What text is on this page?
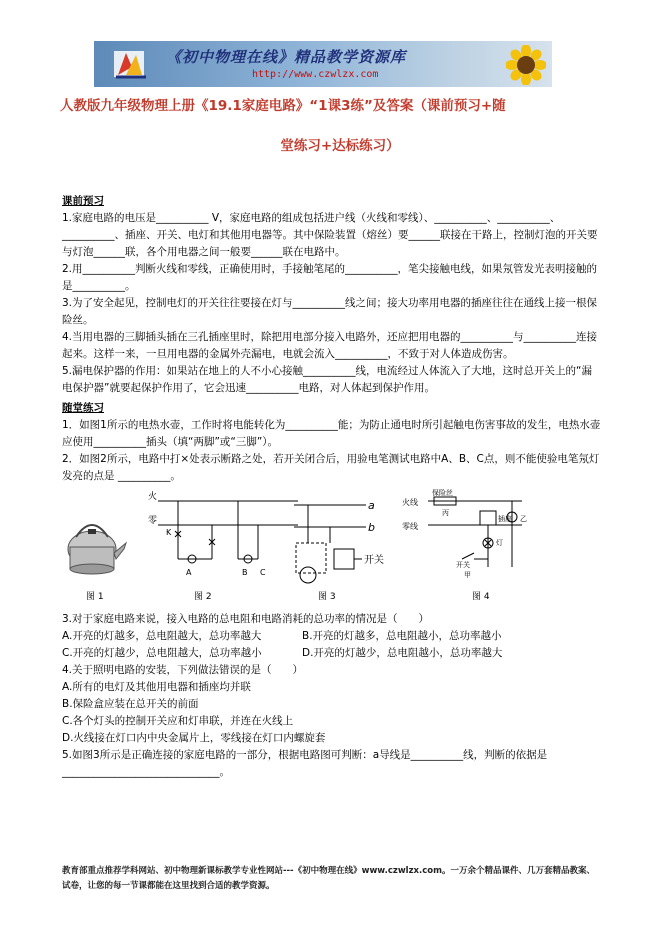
《初中物理在线》精品教学资源库
http://www.czwlzx.com
人教版九年级物理上册《19.1家庭电路》“1课3练”及答案（课前预习+随
堂练习+达标练习）

课前预习

1.家庭电路的电压是__________ V，家庭电路的组成包括进户线（火线和零线）、__________、__________、__________、插座、开关、电灯和其他用电器等。其中保险装置（熔丝）要______联接在干路上，控制灯泡的开关要与灯泡______联，各个用电器之间一般要______联在电路中。

2.用__________判断火线和零线，正确使用时，手接触笔尾的__________，笔尖接触电线，如果氖管发光表明接触的是__________。

3.为了安全起见，控制电灯的开关往往要接在灯与__________线之间；接大功率用电器的插座往往在通线上接一根保险丝。

4.当用电器的三脚插头插在三孔插座里时，除把用电部分接入电路外，还应把用电器的__________与__________连接起来。这样一来，一旦用电器的金属外壳漏电，电就会流入__________，不致于对人体造成伤害。

5.漏电保护器的作用：如果站在地上的人不小心接触__________线，电流经过人体流入了大地，这时总开关上的“漏电保护器”就要起保护作用了，它会迅速__________电路，对人体起到保护作用。

随堂练习

1．如图1所示的电热水壶，工作时将电能转化为__________能；为防止通电时所引起触电伤害事故的发生，电热水壶应使用__________插头（填“两脚”或“三脚”）。

2．如图2所示，电路中打×处表示断路之处，若开关闭合后，用验电笔测试电路中A、B、C点，则不能使验电笔氖灯发亮的点是 __________。

火
零
K
A	B C
a
b
开关
火线
零线
保险丝
丙
插座 乙
开关
灯
甲
图 1	图 2	图 3	图 4

3.对于家庭电路来说，接入电路的总电阻和电路消耗的总功率的情况是（　　）

A.开亮的灯越多，总电阻越大，总功率越大	B.开亮的灯越多，总电阻越小，总功率越小

C.开亮的灯越少，总电阻越大，总功率越小	D.开亮的灯越少，总电阻越小，总功率越大

4.关于照明电路的安装，下列做法错误的是（　　）

A.所有的电灯及其他用电器和插座均并联

B.保险盒应装在总开关的前面

C.各个灯头的控制开关应和灯串联，并连在火线上

D.火线接在灯口内中央金属片上，零线接在灯口内螺旋套

5.如图3所示是正确连接的家庭电路的一部分，根据电路图可判断：a导线是__________线，判断的依据是______________________________。

教育部重点推荐学科网站、初中物理新课标教学专业性网站---《初中物理在线》www.czwlzx.com。一万余个精品课件、几万套精品教案、试卷，让您的每一节课都能在这里找到合适的教学资源。
